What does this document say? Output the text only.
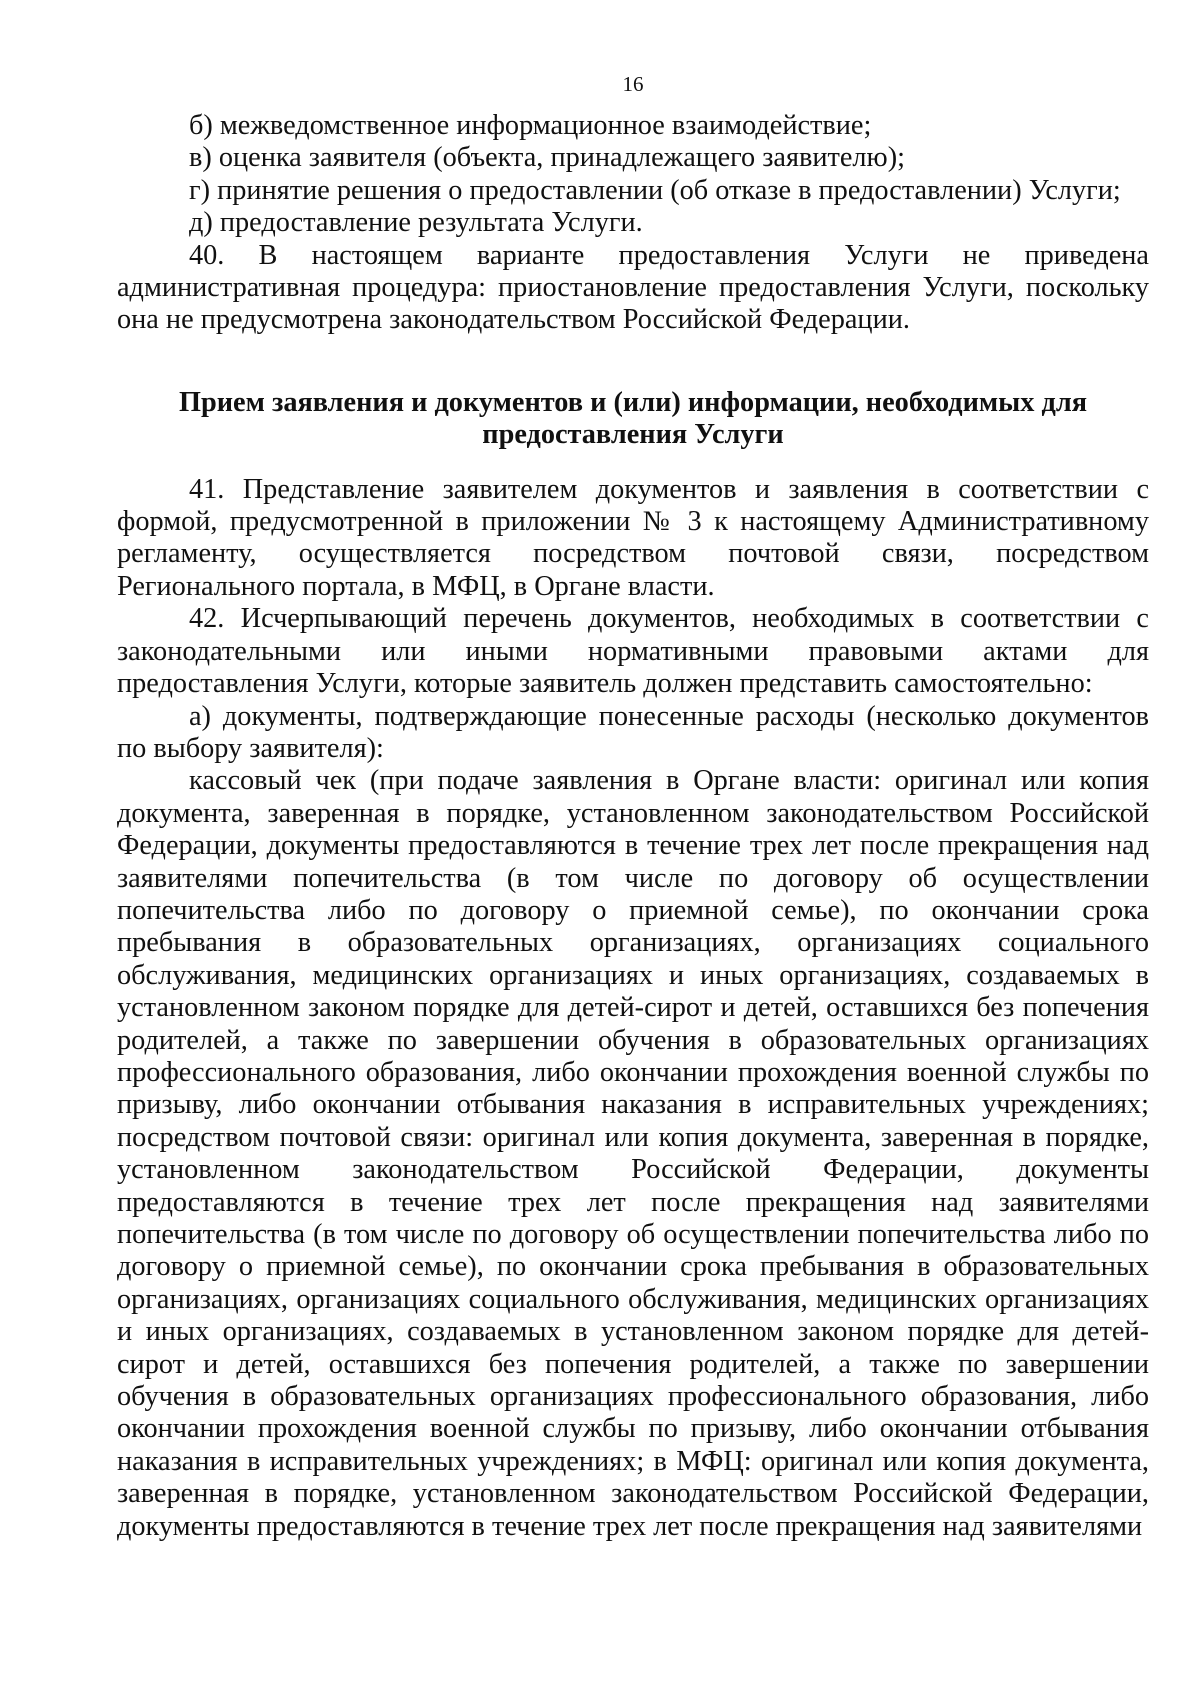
16

б) межведомственное информационное взаимодействие;

в) оценка заявителя (объекта, принадлежащего заявителю);

г) принятие решения о предоставлении (об отказе в предоставлении) Услуги;

д) предоставление результата Услуги.

40. В настоящем варианте предоставления Услуги не приведена административная процедура: приостановление предоставления Услуги, поскольку она не предусмотрена законодательством Российской Федерации.

Прием заявления и документов и (или) информации, необходимых для
предоставления Услуги

41. Представление заявителем документов и заявления в соответствии с формой, предусмотренной в приложении № 3 к настоящему Административному регламенту, осуществляется посредством почтовой связи, посредством Регионального портала, в МФЦ, в Органе власти.

42. Исчерпывающий перечень документов, необходимых в соответствии с законодательными или иными нормативными правовыми актами для предоставления Услуги, которые заявитель должен представить самостоятельно:

а) документы, подтверждающие понесенные расходы (несколько документов по выбору заявителя):

кассовый чек (при подаче заявления в Органе власти: оригинал или копия документа, заверенная в порядке, установленном законодательством Российской Федерации, документы предоставляются в течение трех лет после прекращения над заявителями попечительства (в том числе по договору об осуществлении попечительства либо по договору о приемной семье), по окончании срока пребывания в образовательных организациях, организациях социального обслуживания, медицинских организациях и иных организациях, создаваемых в установленном законом порядке для детей-сирот и детей, оставшихся без попечения родителей, а также по завершении обучения в образовательных организациях профессионального образования, либо окончании прохождения военной службы по призыву, либо окончании отбывания наказания в исправительных учреждениях; посредством почтовой связи: оригинал или копия документа, заверенная в порядке, установленном законодательством Российской Федерации, документы предоставляются в течение трех лет после прекращения над заявителями попечительства (в том числе по договору об осуществлении попечительства либо по договору о приемной семье), по окончании срока пребывания в образовательных организациях, организациях социального обслуживания, медицинских организациях и иных организациях, создаваемых в установленном законом порядке для детей-сирот и детей, оставшихся без попечения родителей, а также по завершении обучения в образовательных организациях профессионального образования, либо окончании прохождения военной службы по призыву, либо окончании отбывания наказания в исправительных учреждениях; в МФЦ: оригинал или копия документа, заверенная в порядке, установленном законодательством Российской Федерации, документы предоставляются в течение трех лет после прекращения над заявителями
